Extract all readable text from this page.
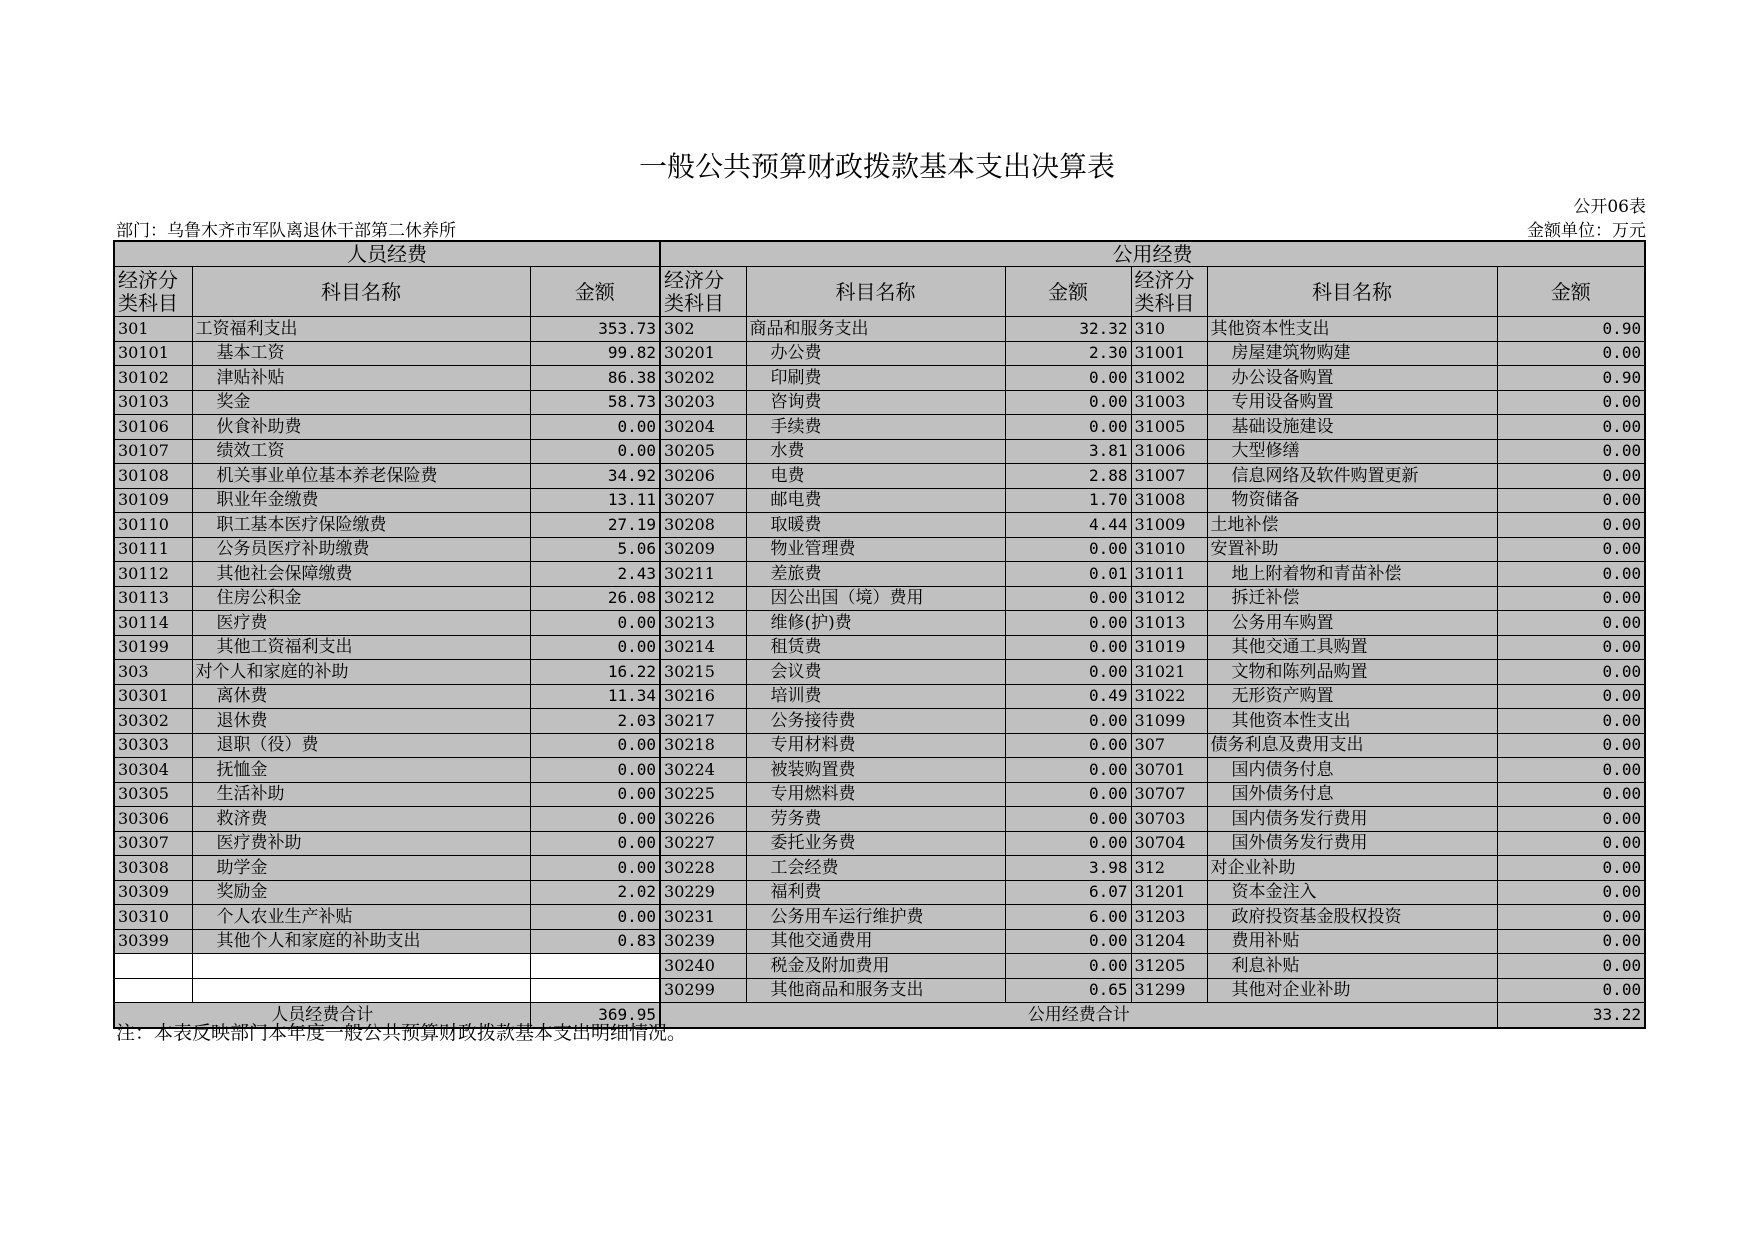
一般公共预算财政拨款基本支出决算表
公开06表
部门：乌鲁木齐市军队离退休干部第二休养所	金额单位：万元
人员经费			公用经费					
经济分类科目	科目名称	金额	经济分类科目	科目名称	金额	经济分类科目	科目名称	金额
301	工资福利支出	353.73	302	商品和服务支出	32.32	310	其他资本性支出	0.90
30101	基本工资	99.82	30201	办公费	2.30	31001	房屋建筑物购建	0.00
30102	津贴补贴	86.38	30202	印刷费	0.00	31002	办公设备购置	0.90
30103	奖金	58.73	30203	咨询费	0.00	31003	专用设备购置	0.00
30106	伙食补助费	0.00	30204	手续费	0.00	31005	基础设施建设	0.00
30107	绩效工资	0.00	30205	水费	3.81	31006	大型修缮	0.00
30108	机关事业单位基本养老保险费	34.92	30206	电费	2.88	31007	信息网络及软件购置更新	0.00
30109	职业年金缴费	13.11	30207	邮电费	1.70	31008	物资储备	0.00
30110	职工基本医疗保险缴费	27.19	30208	取暖费	4.44	31009	土地补偿	0.00
30111	公务员医疗补助缴费	5.06	30209	物业管理费	0.00	31010	安置补助	0.00
30112	其他社会保障缴费	2.43	30211	差旅费	0.01	31011	地上附着物和青苗补偿	0.00
30113	住房公积金	26.08	30212	因公出国（境）费用	0.00	31012	拆迁补偿	0.00
30114	医疗费	0.00	30213	维修(护)费	0.00	31013	公务用车购置	0.00
30199	其他工资福利支出	0.00	30214	租赁费	0.00	31019	其他交通工具购置	0.00
303	对个人和家庭的补助	16.22	30215	会议费	0.00	31021	文物和陈列品购置	0.00
30301	离休费	11.34	30216	培训费	0.49	31022	无形资产购置	0.00
30302	退休费	2.03	30217	公务接待费	0.00	31099	其他资本性支出	0.00
30303	退职（役）费	0.00	30218	专用材料费	0.00	307	债务利息及费用支出	0.00
30304	抚恤金	0.00	30224	被装购置费	0.00	30701	国内债务付息	0.00
30305	生活补助	0.00	30225	专用燃料费	0.00	30707	国外债务付息	0.00
30306	救济费	0.00	30226	劳务费	0.00	30703	国内债务发行费用	0.00
30307	医疗费补助	0.00	30227	委托业务费	0.00	30704	国外债务发行费用	0.00
30308	助学金	0.00	30228	工会经费	3.98	312	对企业补助	0.00
30309	奖励金	2.02	30229	福利费	6.07	31201	资本金注入	0.00
30310	个人农业生产补贴	0.00	30231	公务用车运行维护费	6.00	31203	政府投资基金股权投资	0.00
30399	其他个人和家庭的补助支出	0.83	30239	其他交通费用	0.00	31204	费用补贴	0.00
			30240	税金及附加费用	0.00	31205	利息补贴	0.00
			30299	其他商品和服务支出	0.65	31299	其他对企业补助	0.00
人员经费合计		369.95	公用经费合计					33.22
注：本表反映部门本年度一般公共预算财政拨款基本支出明细情况。
